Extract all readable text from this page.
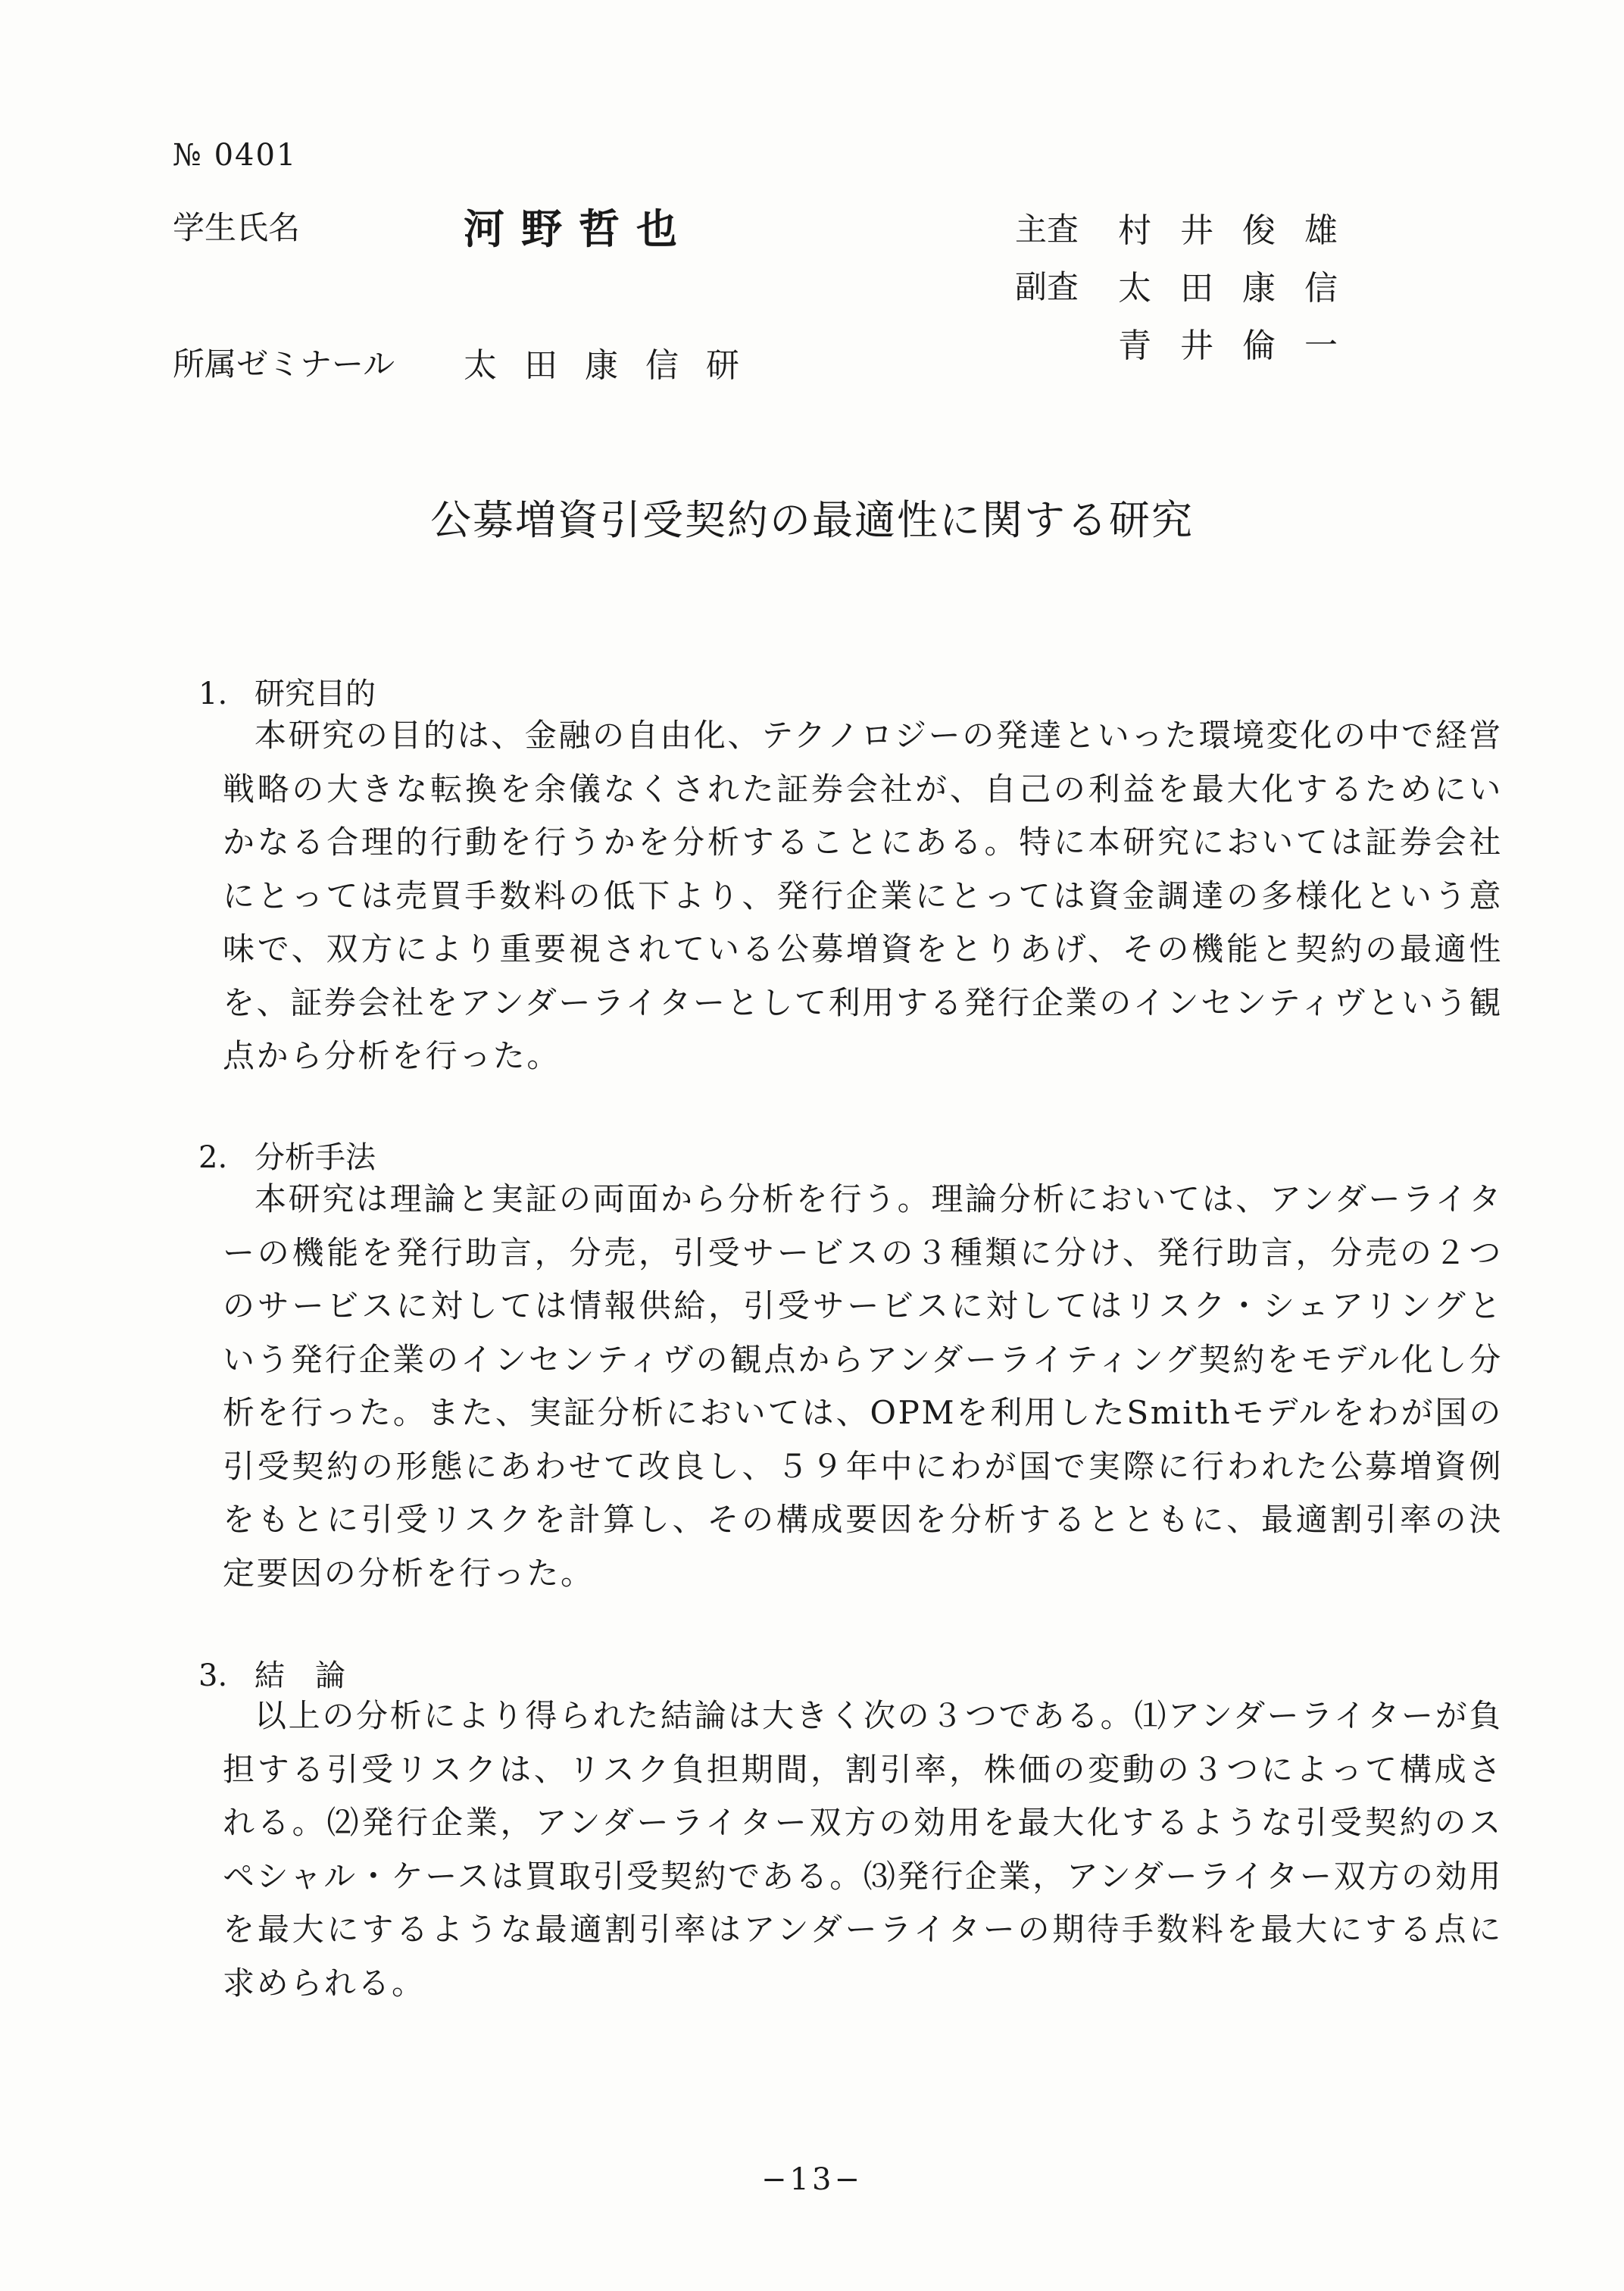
№ 0401
学生氏名	河野哲也
所属ゼミナール 太田康信研
主査 村井俊雄
副査 太田康信
青井倫一
公募増資引受契約の最適性に関する研究
1. 研究目的

本研究の目的は、金融の自由化、テクノロジーの発達といった環境変化の中で経営戦略の大きな転換を余儀なくされた証券会社が、自己の利益を最大化するためにいかなる合理的行動を行うかを分析することにある。特に本研究においては証券会社にとっては売買手数料の低下より、発行企業にとっては資金調達の多様化という意味で、双方により重要視されている公募増資をとりあげ、その機能と契約の最適性を、証券会社をアンダーライターとして利用する発行企業のインセンティヴという観点から分析を行った。

2. 分析手法

本研究は理論と実証の両面から分析を行う。理論分析においては、アンダーライターの機能を発行助言，分売，引受サービスの３種類に分け、発行助言，分売の２つのサービスに対しては情報供給，引受サービスに対してはリスク・シェアリングという発行企業のインセンティヴの観点からアンダーライティング契約をモデル化し分析を行った。また、実証分析においては、OPMを利用したSmithモデルをわが国の引受契約の形態にあわせて改良し、５９年中にわが国で実際に行われた公募増資例をもとに引受リスクを計算し、その構成要因を分析するとともに、最適割引率の決定要因の分析を行った。

3. 結　論

以上の分析により得られた結論は大きく次の３つである。⑴アンダーライターが負担する引受リスクは、リスク負担期間，割引率，株価の変動の３つによって構成される。⑵発行企業，アンダーライター双方の効用を最大化するような引受契約のスペシャル・ケースは買取引受契約である。⑶発行企業，アンダーライター双方の効用を最大にするような最適割引率はアンダーライターの期待手数料を最大にする点に求められる。

−13−
